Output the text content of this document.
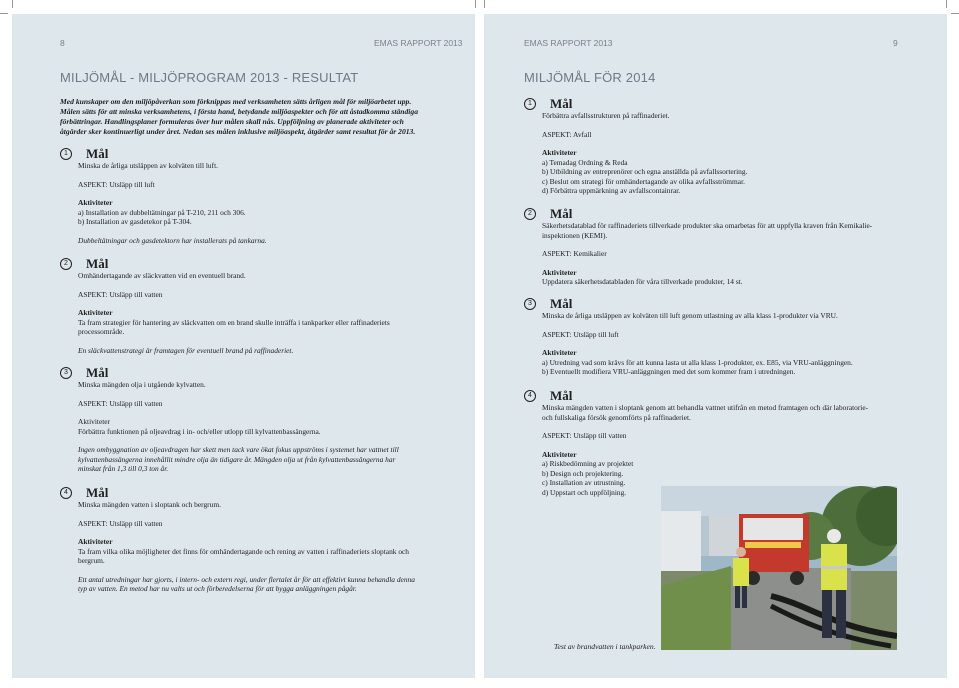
8	EMAS RAPPORT 2013
MILJÖMÅL - MILJÖPROGRAM 2013 - RESULTAT
Med kunskaper om den miljöpåverkan som förknippas med verksamheten sätts årligen mål för miljöarbetet upp.
Målen sätts för att minska verksamhetens, i första hand, betydande miljöaspekter och för att åstadkomma ständiga
förbättringar. Handlingsplaner formuleras över hur målen skall nås. Uppföljning av planerade aktiviteter och
åtgärder sker kontinuerligt under året. Nedan ses målen inklusive miljöaspekt, åtgärder samt resultat för år 2013.
1	Mål
Minska de årliga utsläppen av kolväten till luft.
ASPEKT: Utsläpp till luft
Aktiviteter
a) Installation av dubbeltätningar på T-210, 211 och 306.
b) Installation av gasdetekor på T-304.
Dubbeltätningar och gasdetektorn har installerats på tankarna.
2	Mål
Omhändertagande av släckvatten vid en eventuell brand.
ASPEKT: Utsläpp till vatten
Aktiviteter
Ta fram strategier för hantering av släckvatten om en brand skulle inträffa i tankparker eller raffinaderiets
processområde.
En släckvattenstrategi är framtagen för eventuell brand på raffinaderiet.
3	Mål
Minska mängden olja i utgående kylvatten.
ASPEKT: Utsläpp till vatten
Aktiviteter
Förbättra funktionen på oljeavdrag i in- och/eller utlopp till kylvattenbassängerna.
Ingen ombyggnation av oljeavdragen har skett men tack vare ökat fokus uppströms i systemet har vattnet till
kylvattenbassängerna innehållit mindre olja än tidigare år. Mängden olja ut från kylvattenbassängerna har
minskat från 1,3 till 0,3 ton år.
4	Mål
Minska mängden vatten i sloptank och bergrum.
ASPEKT: Utsläpp till vatten
Aktiviteter
Ta fram vilka olika möjligheter det finns för omhändertagande och rening av vatten i raffinaderiets sloptank och
bergrum.
Ett antal utredningar har gjorts, i intern- och extern regi, under flertalet år för att effektivt kunna behandla denna
typ av vatten. En metod har nu valts ut och förberedelserna för att bygga anläggningen pågår.
EMAS RAPPORT 2013	9
MILJÖMÅL FÖR 2014
1	Mål
Förbättra avfallsstrukturen på raffinaderiet.
ASPEKT: Avfall
Aktiviteter
a) Temadag Ordning & Reda
b) Utbildning av entreprenörer och egna anställda på avfallssortering.
c) Beslut om strategi för omhändertagande av olika avfallsströmmar.
d) Förbättra uppmärkning av avfallscontainrar.
2	Mål
Säkerhetsdatablad för raffinaderiets tillverkade produkter ska omarbetas för att uppfylla kraven från Kemikalie-
inspektionen (KEMI).
ASPEKT: Kemikalier
Aktiviteter
Uppdatera säkerhetsdatabladen för våra tillverkade produkter, 14 st.
3	Mål
Minska de årliga utsläppen av kolväten till luft genom utlastning av alla klass 1-produkter via VRU.
ASPEKT: Utsläpp till luft
Aktiviteter
a) Utredning vad som krävs för att kunna lasta ut alla klass 1-produkter, ex. E85, via VRU-anläggningen.
b) Eventuellt modifiera VRU-anläggningen med det som kommer fram i utredningen.
4	Mål
Minska mängden vatten i sloptank genom att behandla vattnet utifrån en metod framtagen och där laboratorie-
och fullskaliga försök genomförts på raffinaderiet.
ASPEKT: Utsläpp till vatten
Aktiviteter
a) Riskbedömning av projektet
b) Design och projektering.
c) Installation av utrustning.
d) Uppstart och uppföljning.
Test av brandvatten i tankparken.
